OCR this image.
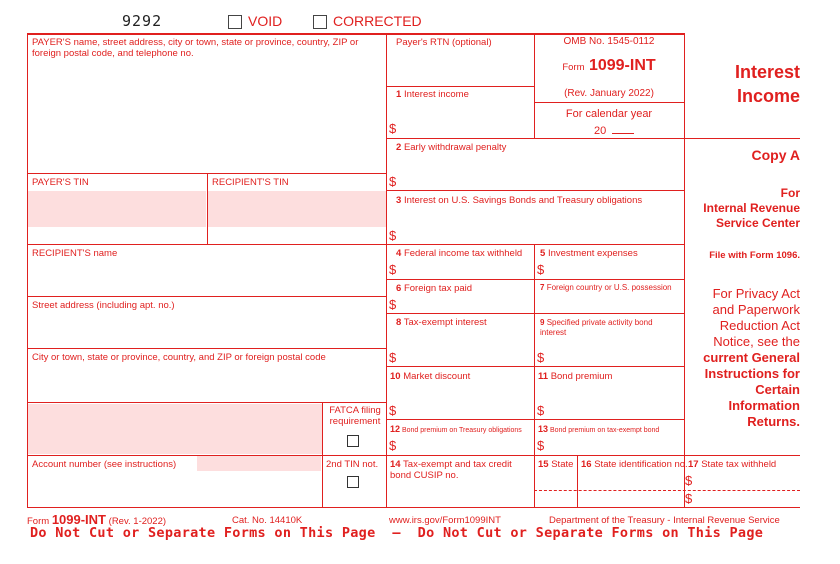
9292	VOID	CORRECTED
PAYER'S name, street address, city or town, state or province, country, ZIP or foreign postal code, and telephone no.
PAYER'S TIN	RECIPIENT'S TIN
RECIPIENT'S name
Street address (including apt. no.)
City or town, state or province, country, and ZIP or foreign postal code
FATCA filing requirement
Account number (see instructions)	2nd TIN not.
Payer's RTN (optional)	OMB No. 1545-0112
Form 1099-INT
(Rev. January 2022)
For calendar year
20
Interest
Income
1 Interest income
$
2 Early withdrawal penalty
$
3 Interest on U.S. Savings Bonds and Treasury obligations
$
4 Federal income tax withheld
$
5 Investment expenses
$
6 Foreign tax paid
$
7 Foreign country or U.S. possession
8 Tax-exempt interest
$
9 Specified private activity bond interest
$
10 Market discount
$
11 Bond premium
$
12 Bond premium on Treasury obligations
$
13 Bond premium on tax-exempt bond
$
14 Tax-exempt and tax credit bond CUSIP no.
15 State 16 State identification no. 17 State tax withheld
$
$
Copy A
For
Internal Revenue
Service Center
File with Form 1096.
For Privacy Act
and Paperwork
Reduction Act
Notice, see the
current General
Instructions for
Certain
Information
Returns.
Form 1099-INT (Rev. 1-2022)	Cat. No. 14410K	www.irs.gov/Form1099INT	Department of the Treasury - Internal Revenue Service
Do Not Cut or Separate Forms on This Page  —  Do Not Cut or Separate Forms on This Page
